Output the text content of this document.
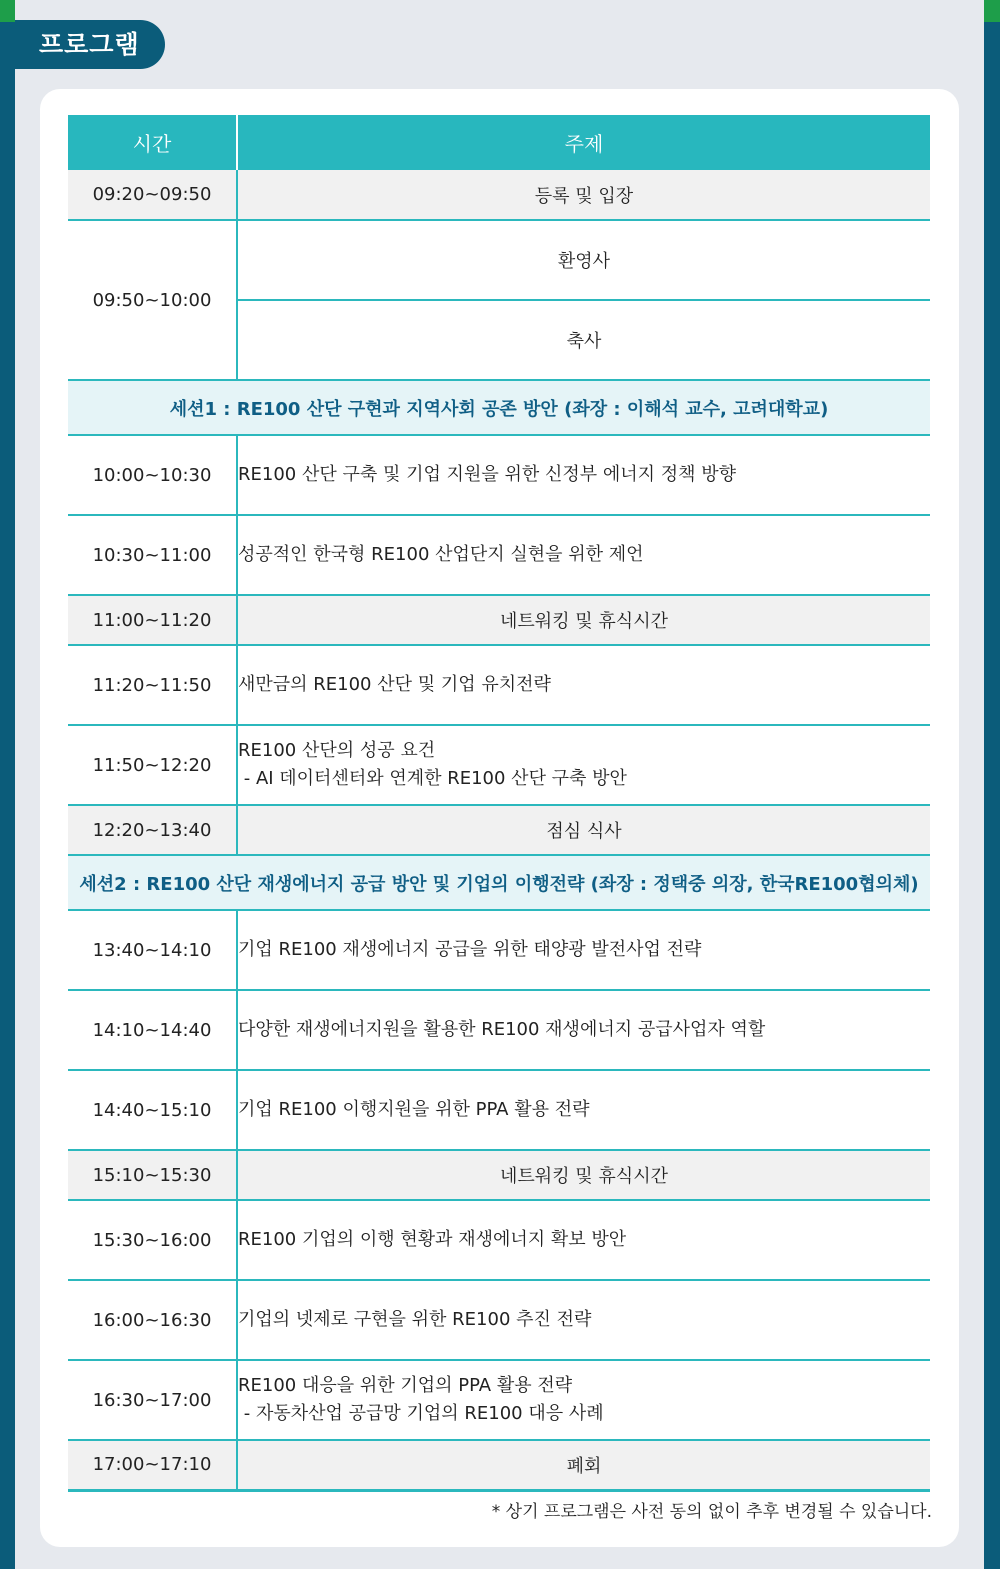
프로그램
시간	주제
09:20~09:50	등록 및 입장
09:50~10:00	환영사
	축사
세션1 : RE100 산단 구현과 지역사회 공존 방안 (좌장 : 이해석 교수, 고려대학교)	
10:00~10:30	RE100 산단 구축 및 기업 지원을 위한 신정부 에너지 정책 방향
10:30~11:00	성공적인 한국형 RE100 산업단지 실현을 위한 제언
11:00~11:20	네트워킹 및 휴식시간
11:20~11:50	새만금의 RE100 산단 및 기업 유치전략
11:50~12:20	RE100 산단의 성공 요건
- AI 데이터센터와 연계한 RE100 산단 구축 방안

12:20~13:40	점심 식사
세션2 : RE100 산단 재생에너지 공급 방안 및 기업의 이행전략 (좌장 : 정택중 의장, 한국RE100협의체)	
13:40~14:10	기업 RE100 재생에너지 공급을 위한 태양광 발전사업 전략
14:10~14:40	다양한 재생에너지원을 활용한 RE100 재생에너지 공급사업자 역할
14:40~15:10	기업 RE100 이행지원을 위한 PPA 활용 전략
15:10~15:30	네트워킹 및 휴식시간
15:30~16:00	RE100 기업의 이행 현황과 재생에너지 확보 방안
16:00~16:30	기업의 넷제로 구현을 위한 RE100 추진 전략
16:30~17:00	RE100 대응을 위한 기업의 PPA 활용 전략
- 자동차산업 공급망 기업의 RE100 대응 사례

17:00~17:10	폐회
* 상기 프로그램은 사전 동의 없이 추후 변경될 수 있습니다.
